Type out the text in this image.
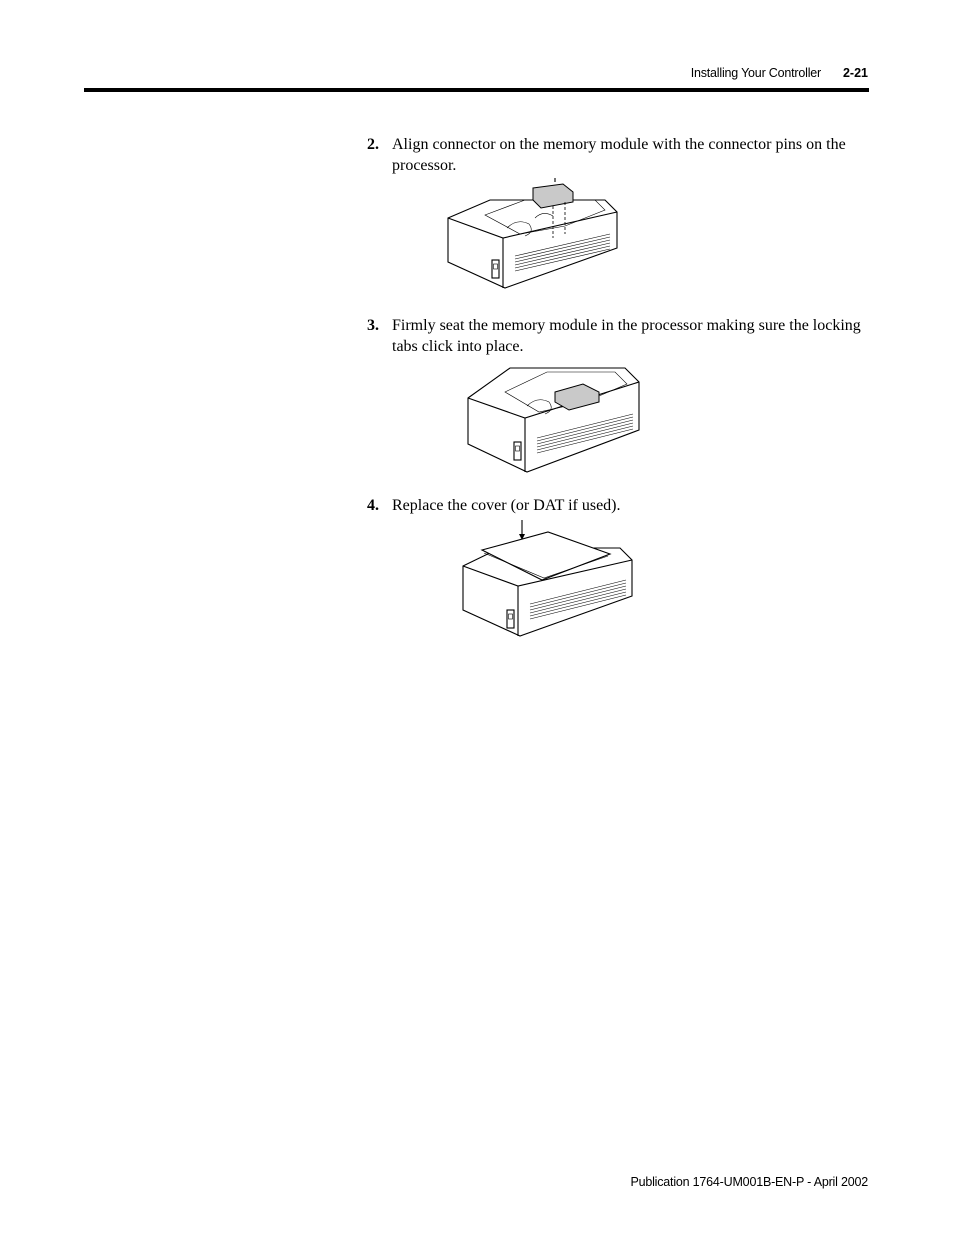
Installing Your Controller 2-21
2. Align connector on the memory module with the connector pins on the processor.
3. Firmly seat the memory module in the processor making sure the locking tabs click into place.
4. Replace the cover (or DAT if used).
Publication 1764-UM001B-EN-P - April 2002
